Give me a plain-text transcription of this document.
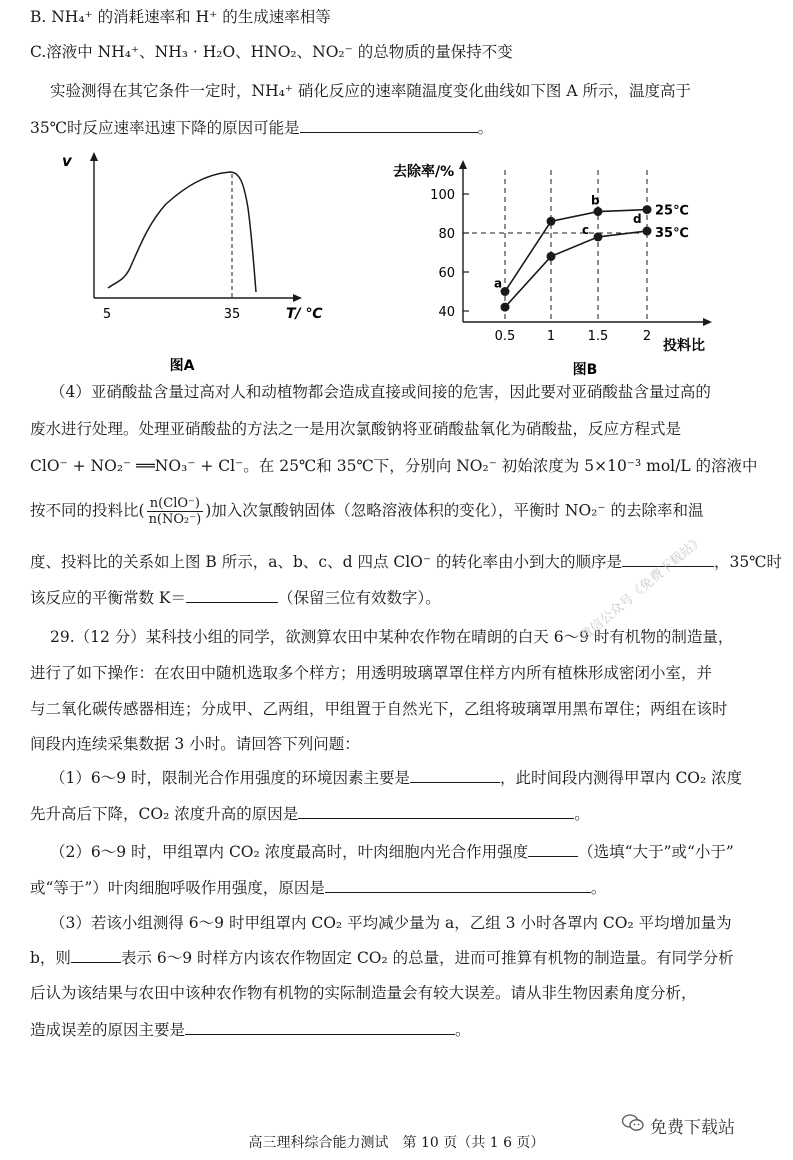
B. NH₄⁺ 的消耗速率和 H⁺ 的生成速率相等
C.溶液中 NH₄⁺、NH₃ · H₂O、HNO₂、NO₂⁻ 的总物质的量保持不变
实验测得在其它条件一定时，NH₄⁺ 硝化反应的速率随温度变化曲线如下图 A 所示，温度高于
35℃时反应速率迅速下降的原因可能是	。
v
5	35	T/ ℃
图A
去除率/%
0.5 1	1.5	2
100
80
60
40
25℃
35℃
a
b
c
d
投料比
图B
（4）亚硝酸盐含量过高对人和动植物都会造成直接或间接的危害，因此要对亚硝酸盐含量过高的
废水进行处理。处理亚硝酸盐的方法之一是用次氯酸钠将亚硝酸盐氧化为硝酸盐，反应方程式是
ClO⁻ + NO₂⁻ ══NO₃⁻ + Cl⁻。在 25℃和 35℃下，分别向 NO₂⁻ 初始浓度为 5×10⁻³ mol/L 的溶液中
按不同的投料比( $\frac{\text{n(ClO⁻)}}{\text{n(NO₂⁻)}}$ )加入次氯酸钠固体（忽略溶液体积的变化），平衡时 NO₂⁻ 的去除率和温
度、投料比的关系如上图 B 所示，a、b、c、d 四点 ClO⁻ 的转化率由小到大的顺序是	，35℃时
该反应的平衡常数 K＝	（保留三位有效数字）。
29.（12 分）某科技小组的同学，欲测算农田中某种农作物在晴朗的白天 6～9 时有机物的制造量，
进行了如下操作：在农田中随机选取多个样方；用透明玻璃罩罩住样方内所有植株形成密闭小室，并
与二氧化碳传感器相连；分成甲、乙两组，甲组置于自然光下，乙组将玻璃罩用黑布罩住；两组在该时
间段内连续采集数据 3 小时。请回答下列问题：
（1）6～9 时，限制光合作用强度的环境因素主要是	，此时间段内测得甲罩内 CO₂ 浓度
先升高后下降，CO₂ 浓度升高的原因是	。
（2）6～9 时，甲组罩内 CO₂ 浓度最高时，叶肉细胞内光合作用强度	（选填“大于”或“小于”
或“等于”）叶肉细胞呼吸作用强度，原因是	。
（3）若该小组测得 6～9 时甲组罩内 CO₂ 平均减少量为 a，乙组 3 小时各罩内 CO₂ 平均增加量为
b，则	表示 6～9 时样方内该农作物固定 CO₂ 的总量，进而可推算有机物的制造量。有同学分析
后认为该结果与农田中该种农作物有机物的实际制造量会有较大误差。请从非生物因素角度分析，
造成误差的原因主要是	。
微信公众号《免费下载站》
免费下载站
高三理科综合能力测试　第 10 页（共 1 6 页）
